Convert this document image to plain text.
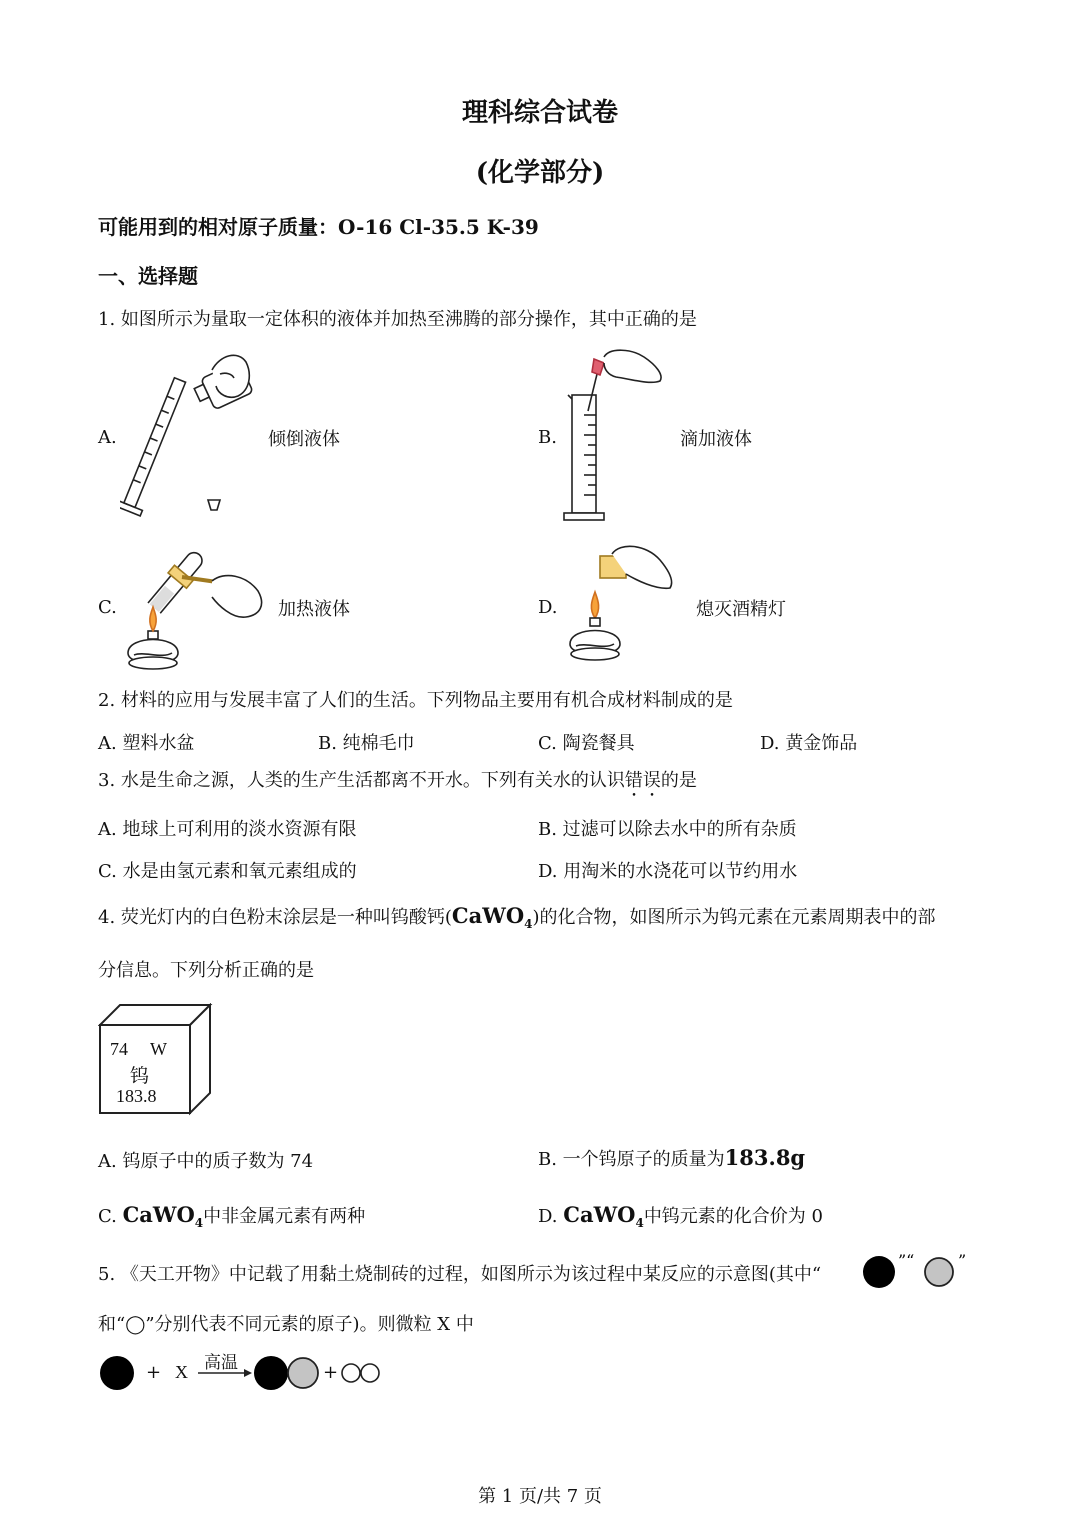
理科综合试卷
(化学部分)
可能用到的相对原子质量：O-16 Cl-35.5 K-39
一、选择题
1. 如图所示为量取一定体积的液体并加热至沸腾的部分操作，其中正确的是
A.	倾倒液体	B.	滴加液体
C.	加热液体	D.	熄灭酒精灯
2. 材料的应用与发展丰富了人们的生活。下列物品主要用有机合成材料制成的是
A. 塑料水盆	B. 纯棉毛巾	C. 陶瓷餐具	D. 黄金饰品
3. 水是生命之源，人类的生产生活都离不开水。下列有关水的认识错误的是
A. 地球上可利用的淡水资源有限	B. 过滤可以除去水中的所有杂质
C. 水是由氢元素和氧元素组成的	D. 用淘米的水浇花可以节约用水
4. 荧光灯内的白色粉末涂层是一种叫钨酸钙(CaWO$_4$)的化合物，如图所示为钨元素在元素周期表中的部
分信息。下列分析正确的是
74 W
钨
183.8
A. 钨原子中的质子数为 74	B. 一个钨原子的质量为183.8g
C. CaWO$_4$中非金属元素有两种	D. CaWO$_4$中钨元素的化合价为 0
5. 《天工开物》中记载了用黏土烧制砖的过程，如图所示为该过程中某反应的示意图(其中“
”“	”
和“◯”分别代表不同元素的原子)。则微粒 X 中
+ X 高温	+
第 1 页/共 7 页
